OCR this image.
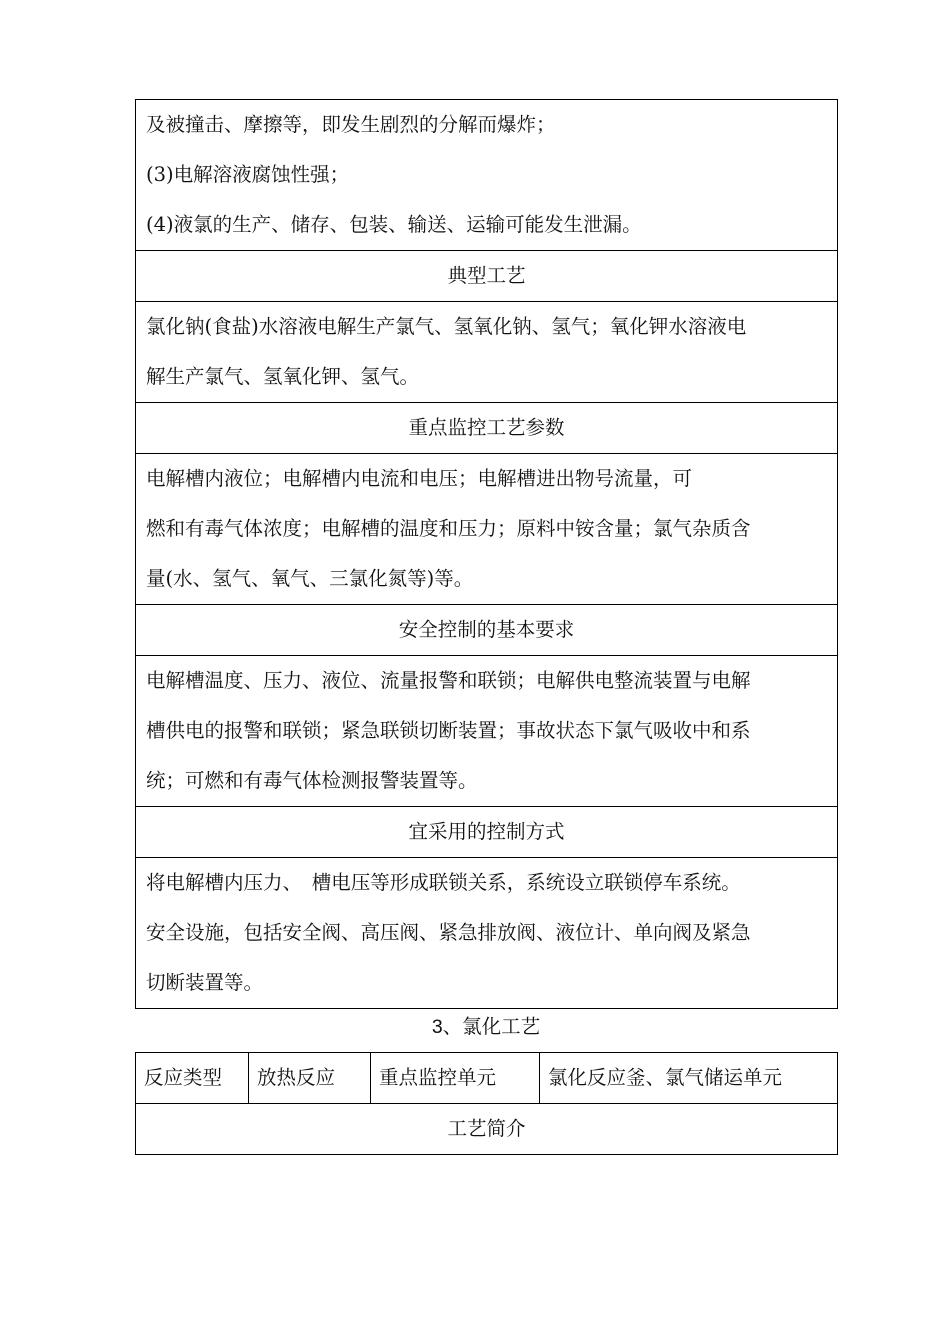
及被撞击、摩擦等，即发生剧烈的分解而爆炸；

(3)电解溶液腐蚀性强；

(4)液氯的生产、储存、包装、输送、运输可能发生泄漏。

典型工艺

氯化钠(食盐)水溶液电解生产氯气、氢氧化钠、氢气；氧化钾水溶液电

解生产氯气、氢氧化钾、氢气。

重点监控工艺参数

电解槽内液位；电解槽内电流和电压；电解槽进出物号流量，可

燃和有毒气体浓度；电解槽的温度和压力；原料中铵含量；氯气杂质含

量(水、氢气、氧气、三氯化氮等)等。

安全控制的基本要求

电解槽温度、压力、液位、流量报警和联锁；电解供电整流装置与电解

槽供电的报警和联锁；紧急联锁切断装置；事故状态下氯气吸收中和系

统；可燃和有毒气体检测报警装置等。

宜采用的控制方式

将电解槽内压力、　槽电压等形成联锁关系，系统设立联锁停车系统。

安全设施，包括安全阀、高压阀、紧急排放阀、液位计、单向阀及紧急

切断装置等。

3、氯化工艺
反应类型	放热反应	重点监控单元	氯化反应釜、氯气储运单元
工艺简介
